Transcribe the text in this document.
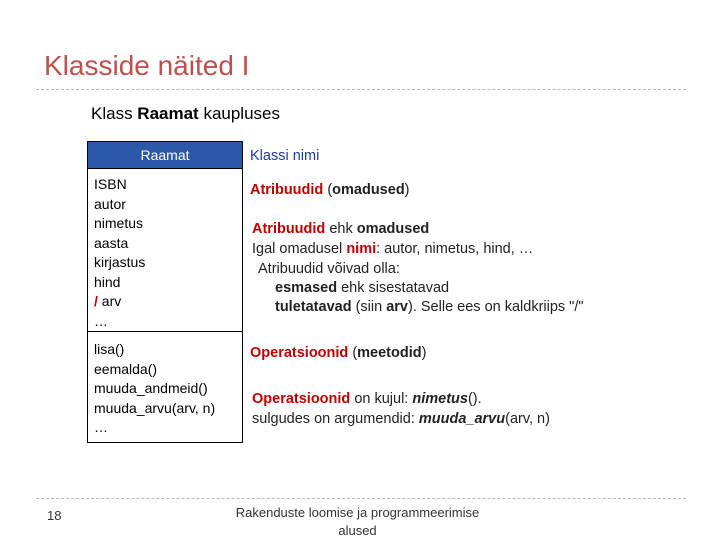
Klasside näited I
Klass Raamat kaupluses
Raamat
ISBN
autor
nimetus
aasta
kirjastus
hind
/ arv
…
lisa()
eemalda()
muuda_andmeid()
muuda_arvu(arv, n)
…
Klassi nimi
Atribuudid (omadused)
Atribuudid ehk omadused
Igal omadusel nimi: autor, nimetus, hind, …
Atribuudid võivad olla:
esmased ehk sisestatavad
tuletatavad (siin arv). Selle ees on kaldkriips "/"
Operatsioonid (meetodid)
Operatsioonid on kujul: nimetus().
sulgudes on argumendid: muuda_arvu(arv, n)
18	Rakenduste loomise ja programmeerimise
alused
